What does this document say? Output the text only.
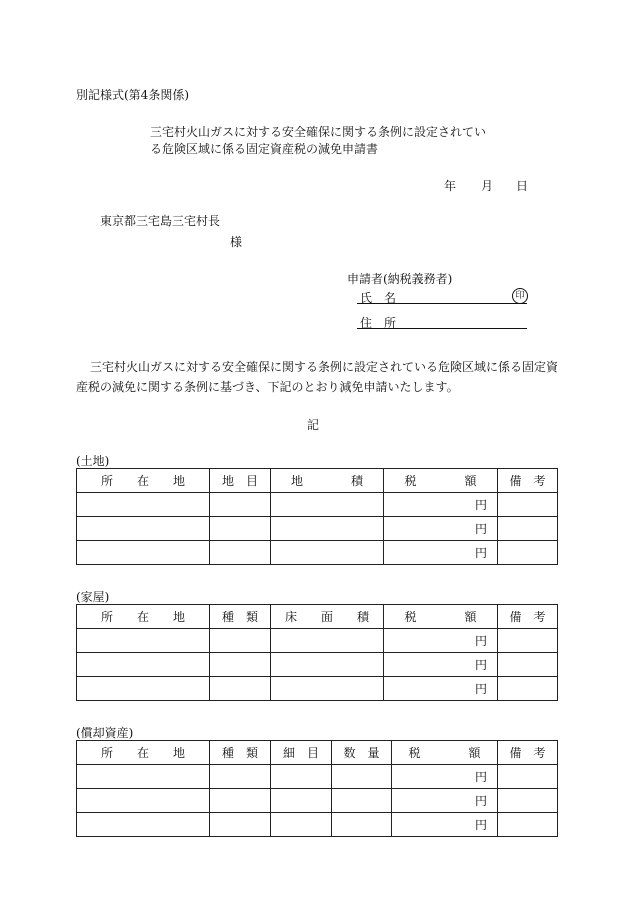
別記様式(第4条関係)
三宅村火山ガスに対する安全確保に関する条例に設定されてい
る危険区域に係る固定資産税の減免申請書
年 月 日
東京都三宅島三宅村長
様
申請者(納税義務者)
氏　名	印
住　所
三宅村火山ガスに対する安全確保に関する条例に設定されている危険区域に係る固定資
産税の減免に関する条例に基づき、下記のとおり減免申請いたします。
記
(土地)
所　　在　　地	地　目	地　　　　積	税　　　　額	備　考
			円	
			円	
			円	
(家屋)
所　　在　　地	種　類	床　　面　　積	税　　　　額	備　考
			円	
			円	
			円	
(償却資産)
所　　在　　地	種　類	細　目	数　量	税　　　　額	備　考
				円	
				円	
				円	
